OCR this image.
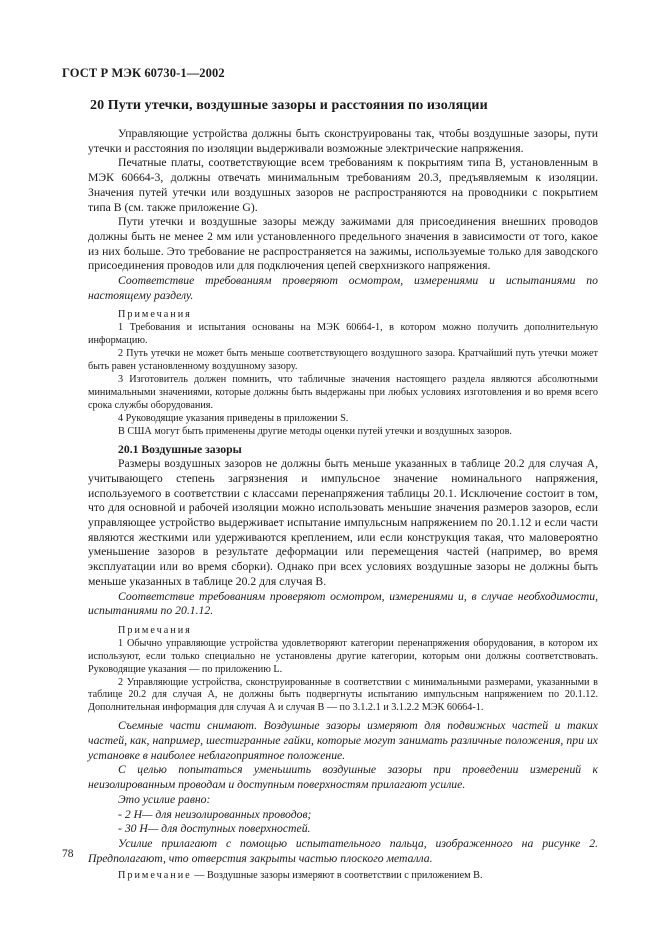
ГОСТ Р МЭК 60730-1—2002
20 Пути утечки, воздушные зазоры и расстояния по изоляции

Управляющие устройства должны быть сконструированы так, чтобы воздушные зазоры, пути утечки и расстояния по изоляции выдерживали возможные электрические напряжения.

Печатные платы, соответствующие всем требованиям к покрытиям типа В, установленным в МЭК 60664-3, должны отвечать минимальным требованиям 20.3, предъявляемым к изоляции. Значения путей утечки или воздушных зазоров не распространяются на проводники с покрытием типа В (см. также приложение G).

Пути утечки и воздушные зазоры между зажимами для присоединения внешних проводов должны быть не менее 2 мм или установленного предельного значения в зависимости от того, какое из них больше. Это требование не распространяется на зажимы, используемые только для заводского присоединения проводов или для подключения цепей сверхнизкого напряжения.

Соответствие требованиям проверяют осмотром, измерениями и испытаниями по настоящему разделу.

Примечания

1 Требования и испытания основаны на МЭК 60664-1, в котором можно получить дополнительную информацию.

2 Путь утечки не может быть меньше соответствующего воздушного зазора. Кратчайший путь утечки может быть равен установленному воздушному зазору.

3 Изготовитель должен помнить, что табличные значения настоящего раздела являются абсолютными минимальными значениями, которые должны быть выдержаны при любых условиях изготовления и во время всего срока службы оборудования.

4 Руководящие указания приведены в приложении S.

В США могут быть применены другие методы оценки путей утечки и воздушных зазоров.

20.1 Воздушные зазоры

Размеры воздушных зазоров не должны быть меньше указанных в таблице 20.2 для случая А, учитывающего степень загрязнения и импульсное значение номинального напряжения, используемого в соответствии с классами перенапряжения таблицы 20.1. Исключение состоит в том, что для основной и рабочей изоляции можно использовать меньшие значения размеров зазоров, если управляющее устройство выдерживает испытание импульсным напряжением по 20.1.12 и если части являются жесткими или удерживаются креплением, или если конструкция такая, что маловероятно уменьшение зазоров в результате деформации или перемещения частей (например, во время эксплуатации или во время сборки). Однако при всех условиях воздушные зазоры не должны быть меньше указанных в таблице 20.2 для случая В.

Соответствие требованиям проверяют осмотром, измерениями и, в случае необходимости, испытаниями по 20.1.12.

Примечания

1 Обычно управляющие устройства удовлетворяют категории перенапряжения оборудования, в котором их используют, если только специально не установлены другие категории, которым они должны соответствовать. Руководящие указания — по приложению L.

2 Управляющие устройства, сконструированные в соответствии с минимальными размерами, указанными в таблице 20.2 для случая А, не должны быть подвергнуты испытанию импульсным напряжением по 20.1.12. Дополнительная информация для случая А и случая В — по 3.1.2.1 и 3.1.2.2 МЭК 60664-1.

Съемные части снимают. Воздушные зазоры измеряют для подвижных частей и таких частей, как, например, шестигранные гайки, которые могут занимать различные положения, при их установке в наиболее неблагоприятное положение.

С целью попытаться уменьшить воздушные зазоры при проведении измерений к неизолированным проводам и доступным поверхностям прилагают усилие.

Это усилие равно:

- 2 Н— для неизолированных проводов;

- 30 Н— для доступных поверхностей.

Усилие прилагают с помощью испытательного пальца, изображенного на рисунке 2. Предполагают, что отверстия закрыты частью плоского металла.

Примечание — Воздушные зазоры измеряют в соответствии с приложением В.

78
